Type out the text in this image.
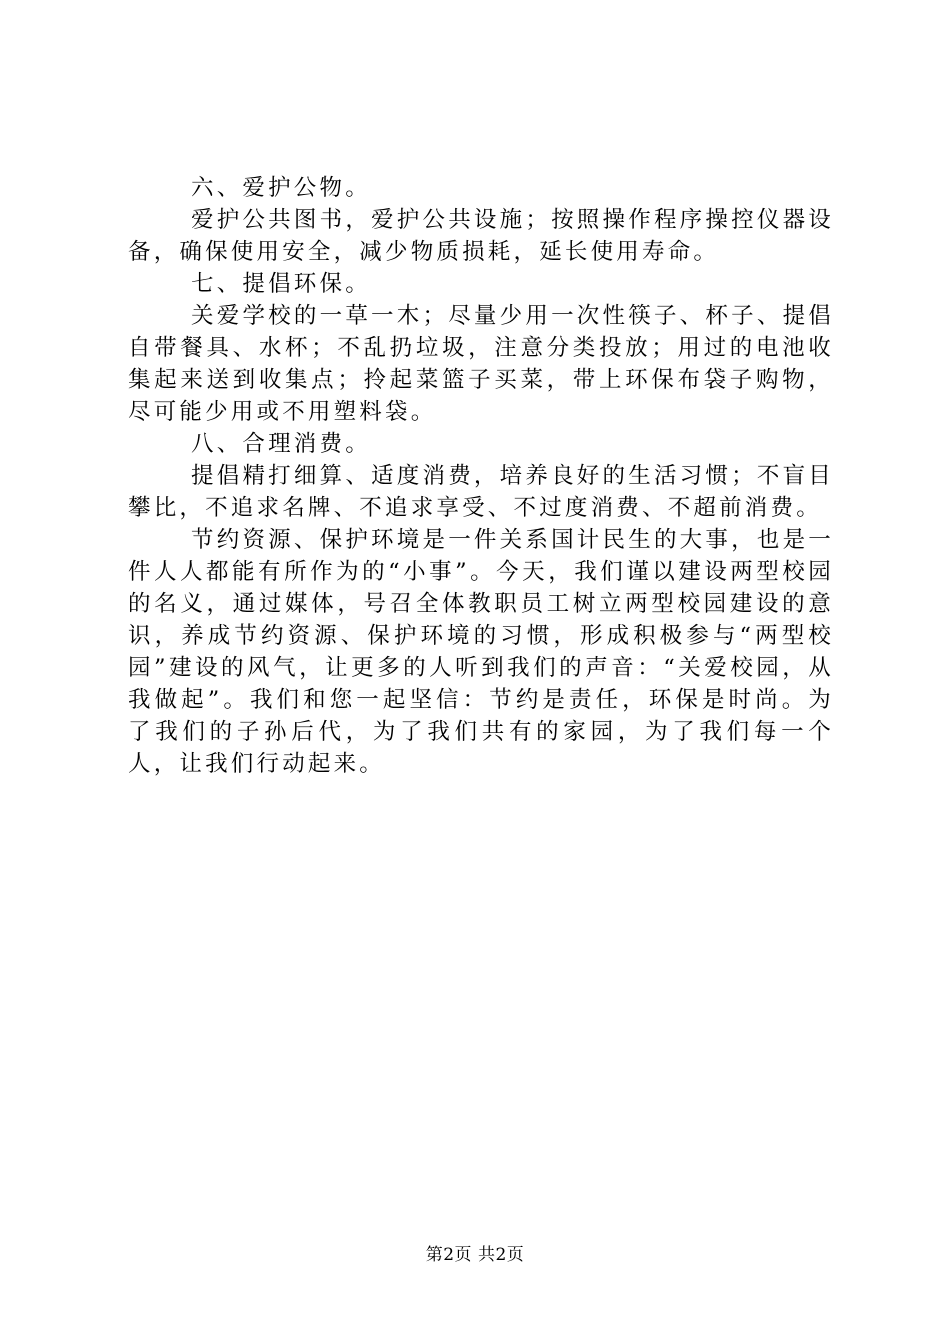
六、爱护公物。

爱护公共图书，爱护公共设施；按照操作程序操控仪器设备，确保使用安全，减少物质损耗，延长使用寿命。

七、提倡环保。

关爱学校的一草一木；尽量少用一次性筷子、杯子、提倡自带餐具、水杯；不乱扔垃圾，注意分类投放；用过的电池收集起来送到收集点；拎起菜篮子买菜，带上环保布袋子购物，尽可能少用或不用塑料袋。

八、合理消费。

提倡精打细算、适度消费，培养良好的生活习惯；不盲目攀比，不追求名牌、不追求享受、不过度消费、不超前消费。

节约资源、保护环境是一件关系国计民生的大事，也是一件人人都能有所作为的“小事”。今天，我们谨以建设两型校园的名义，通过媒体，号召全体教职员工树立两型校园建设的意识，养成节约资源、保护环境的习惯，形成积极参与“两型校园”建设的风气，让更多的人听到我们的声音：“关爱校园，从我做起”。我们和您一起坚信：节约是责任，环保是时尚。为了我们的子孙后代，为了我们共有的家园，为了我们每一个人，让我们行动起来。

第2页 共2页
